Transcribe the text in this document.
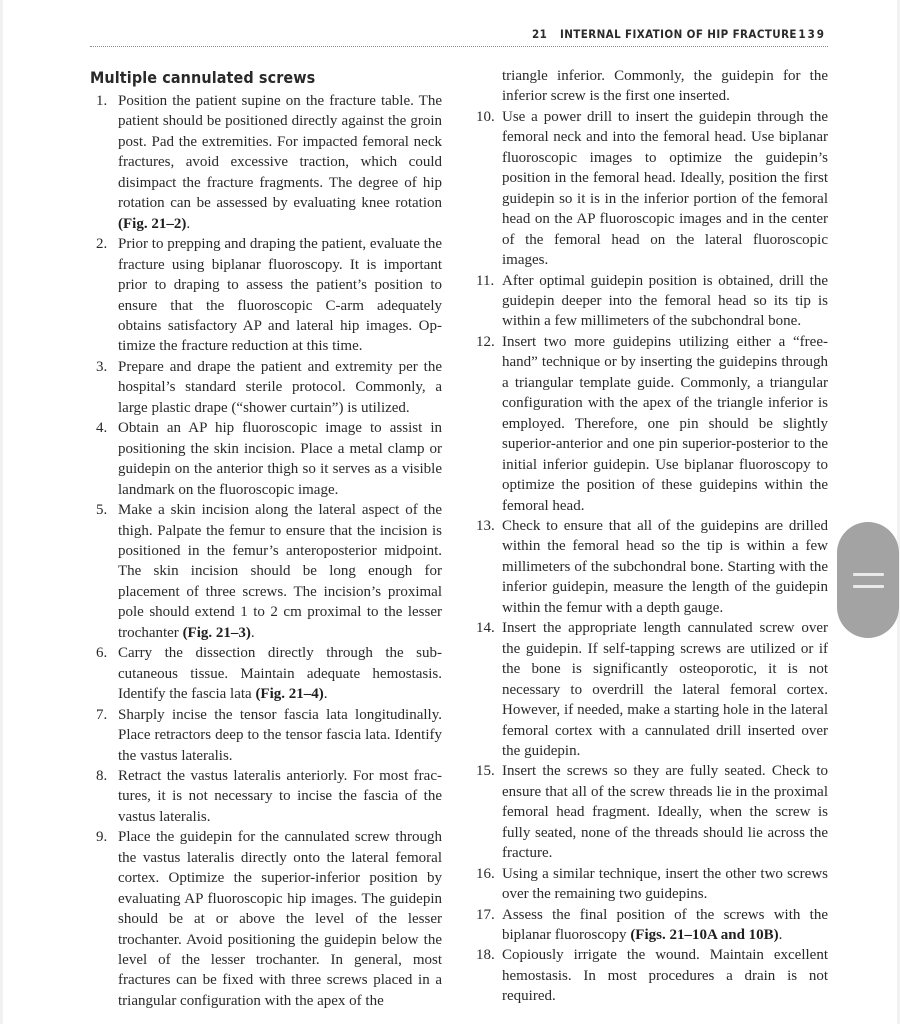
21 INTERNAL FIXATION OF HIP FRACTURE 139
Multiple cannulated screws
1. Position the patient supine on the fracture table. The patient should be positioned directly against the groin post. Pad the extremities. For impacted femoral neck fractures, avoid excessive traction, which could disimpact the fracture fragments. The degree of hip rotation can be assessed by evaluating knee rotation (Fig. 21–2).
2. Prior to prepping and draping the patient, evaluate the fracture using biplanar fluoroscopy. It is important prior to draping to assess the patient’s position to ensure that the fluoroscopic C-arm adequately obtains satisfactory AP and lateral hip images. Optimize the fracture reduction at this time.
3. Prepare and drape the patient and extremity per the hospital’s standard sterile protocol. Commonly, a large plastic drape (“shower curtain”) is utilized.
4. Obtain an AP hip fluoroscopic image to assist in positioning the skin incision. Place a metal clamp or guidepin on the anterior thigh so it serves as a visible landmark on the fluoroscopic image.
5. Make a skin incision along the lateral aspect of the thigh. Palpate the femur to ensure that the incision is positioned in the femur’s anteroposterior midpoint. The skin incision should be long enough for placement of three screws. The incision’s proximal pole should extend 1 to 2 cm proximal to the lesser trochanter (Fig. 21–3).
6. Carry the dissection directly through the subcutaneous tissue. Maintain adequate hemostasis. Identify the fascia lata (Fig. 21–4).
7. Sharply incise the tensor fascia lata longitudinally. Place retractors deep to the tensor fascia lata. Identify the vastus lateralis.
8. Retract the vastus lateralis anteriorly. For most fractures, it is not necessary to incise the fascia of the vastus lateralis.
9. Place the guidepin for the cannulated screw through the vastus lateralis directly onto the lateral femoral cortex. Optimize the superior-inferior position by evaluating AP fluoroscopic hip images. The guidepin should be at or above the level of the lesser trochanter. Avoid positioning the guidepin below the level of the lesser trochanter. In general, most fractures can be fixed with three screws placed in a triangular configuration with the apex of the

triangle inferior. Commonly, the guidepin for the inferior screw is the first one inserted.

10. Use a power drill to insert the guidepin through the femoral neck and into the femoral head. Use biplanar fluoroscopic images to optimize the guidepin’s position in the femoral head. Ideally, position the first guidepin so it is in the inferior portion of the femoral head on the AP fluoroscopic images and in the center of the femoral head on the lateral fluoroscopic images.
11. After optimal guidepin position is obtained, drill the guidepin deeper into the femoral head so its tip is within a few millimeters of the subchondral bone.
12. Insert two more guidepins utilizing either a “freehand” technique or by inserting the guidepins through a triangular template guide. Commonly, a triangular configuration with the apex of the triangle inferior is employed. Therefore, one pin should be slightly superior-anterior and one pin superior-posterior to the initial inferior guidepin. Use biplanar fluoroscopy to optimize the position of these guidepins within the femoral head.
13. Check to ensure that all of the guidepins are drilled within the femoral head so the tip is within a few millimeters of the subchondral bone. Starting with the inferior guidepin, measure the length of the guidepin within the femur with a depth gauge.
14. Insert the appropriate length cannulated screw over the guidepin. If self-tapping screws are utilized or if the bone is significantly osteoporotic, it is not necessary to overdrill the lateral femoral cortex. However, if needed, make a starting hole in the lateral femoral cortex with a cannulated drill inserted over the guidepin.
15. Insert the screws so they are fully seated. Check to ensure that all of the screw threads lie in the proximal femoral head fragment. Ideally, when the screw is fully seated, none of the threads should lie across the fracture.
16. Using a similar technique, insert the other two screws over the remaining two guidepins.
17. Assess the final position of the screws with the biplanar fluoroscopy (Figs. 21–10A and 10B).
18. Copiously irrigate the wound. Maintain excellent hemostasis. In most procedures a drain is not required.
